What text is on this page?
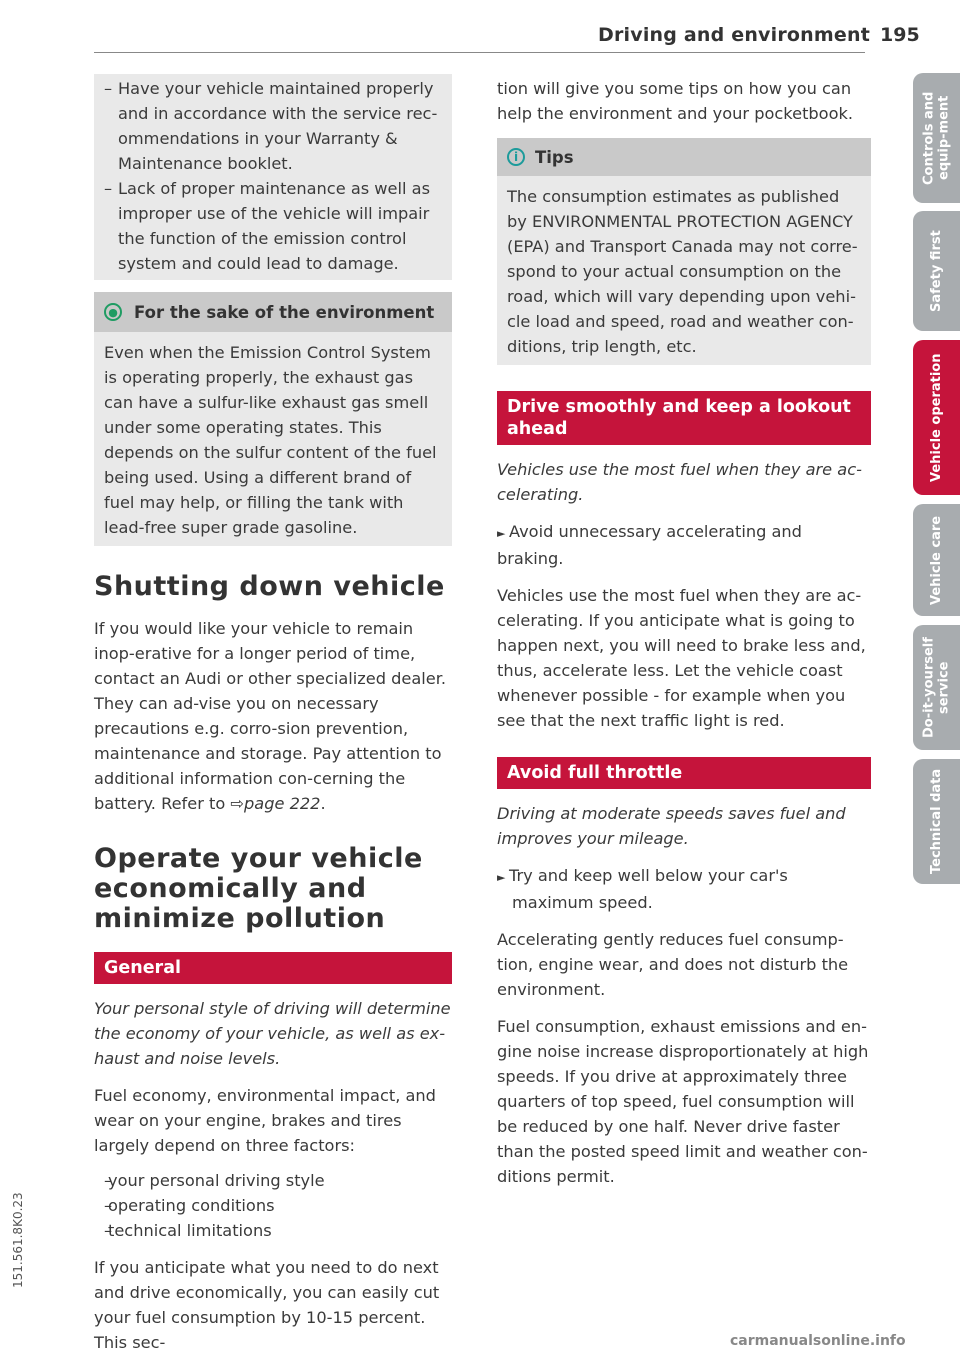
Driving and environment 195

– Have your vehicle maintained properly and in accordance with the service rec-ommendations in your Warranty & Maintenance booklet.

– Lack of proper maintenance as well as improper use of the vehicle will impair the function of the emission control system and could lead to damage.

● For the sake of the environment

Even when the Emission Control System is operating properly, the exhaust gas can have a sulfur-like exhaust gas smell under some operating states. This depends on the sulfur content of the fuel being used. Using a different brand of fuel may help, or filling the tank with lead-free super grade gasoline.

Shutting down vehicle

If you would like your vehicle to remain inop-erative for a longer period of time, contact an Audi or other specialized dealer. They can ad-vise you on necessary precautions e.g. corro-sion prevention, maintenance and storage. Pay attention to additional information con-cerning the battery. Refer to ⇨page 222.

Operate your vehicle economically and minimize pollution
General

Your personal style of driving will determine the economy of your vehicle, as well as ex-haust and noise levels.

Fuel economy, environmental impact, and wear on your engine, brakes and tires largely depend on three factors:

– your personal driving style

– operating conditions

– technical limitations

If you anticipate what you need to do next and drive economically, you can easily cut your fuel consumption by 10-15 percent. This sec-

tion will give you some tips on how you can help the environment and your pocketbook.

i	Tips

The consumption estimates as published by ENVIRONMENTAL PROTECTION AGENCY (EPA) and Transport Canada may not corre-spond to your actual consumption on the road, which will vary depending upon vehi-cle load and speed, road and weather con-ditions, trip length, etc.

Drive smoothly and keep a lookout ahead

Vehicles use the most fuel when they are ac-celerating.

► Avoid unnecessary accelerating and braking.

Vehicles use the most fuel when they are ac-celerating. If you anticipate what is going to happen next, you will need to brake less and, thus, accelerate less. Let the vehicle coast whenever possible - for example when you see that the next traffic light is red.

Avoid full throttle

Driving at moderate speeds saves fuel and improves your mileage.

► Try and keep well below your car's maximum speed.

Accelerating gently reduces fuel consump-tion, engine wear, and does not disturb the environment.

Fuel consumption, exhaust emissions and en-gine noise increase disproportionately at high speeds. If you drive at approximately three quarters of top speed, fuel consumption will be reduced by one half. Never drive faster than the posted speed limit and weather con-ditions permit.

Controls and equip-ment
Safety first
Vehicle operation
Vehicle care
Do-it-yourself service
Technical data
151.561.8K0.23
carmanualsonline.info
